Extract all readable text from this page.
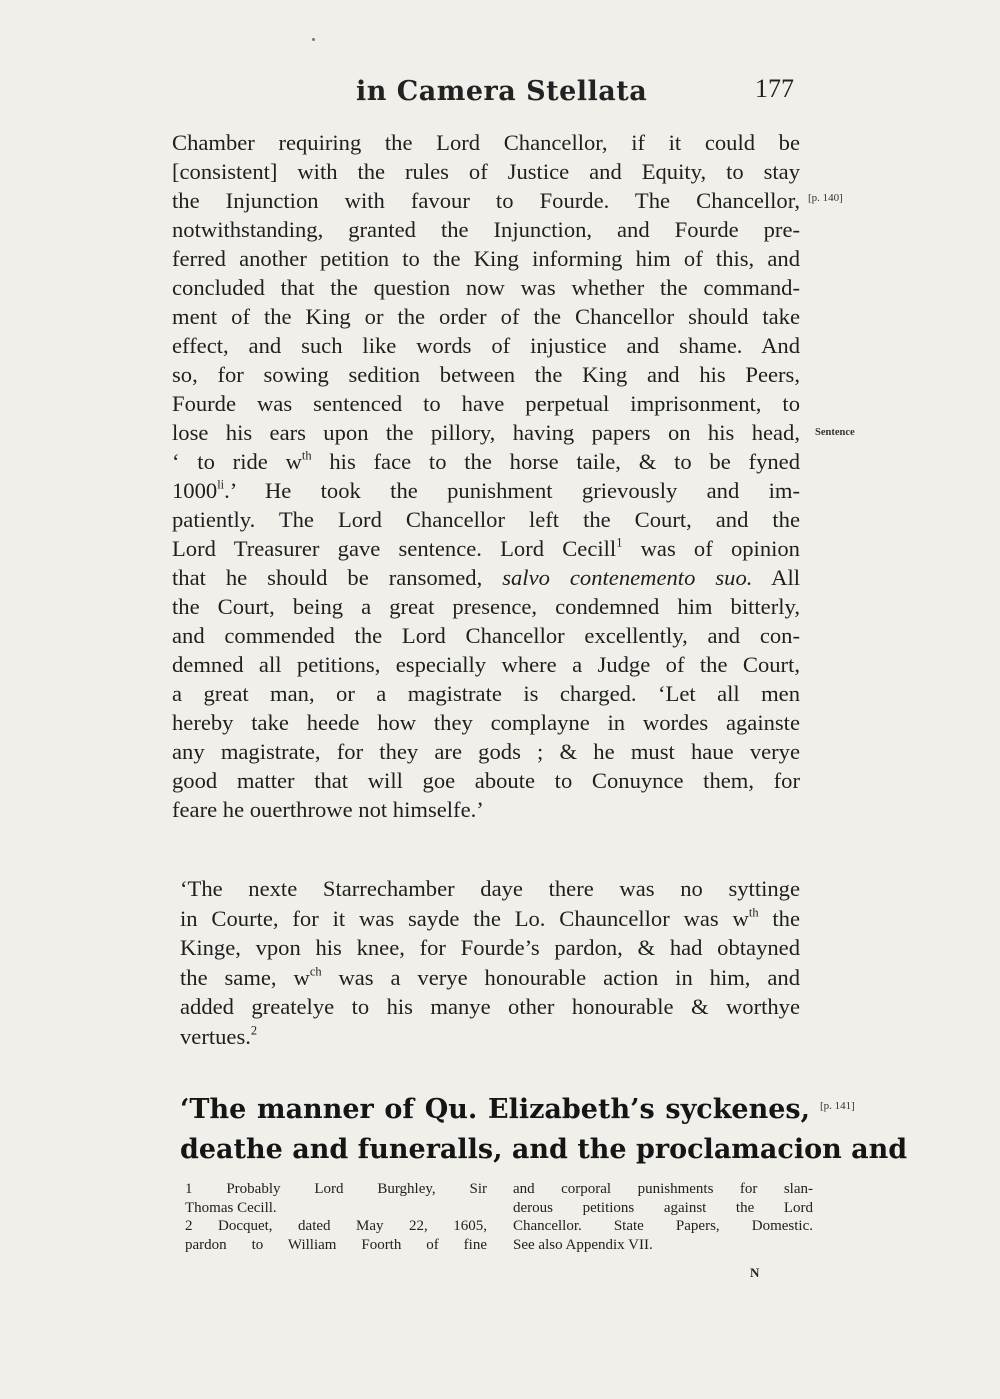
in Camera Stellata	177
Chamber requiring the Lord Chancellor, if it could be
[consistent] with the rules of Justice and Equity, to stay
the Injunction with favour to Fourde. The Chancellor,
notwithstanding, granted the Injunction, and Fourde pre-
ferred another petition to the King informing him of this, and
concluded that the question now was whether the command-
ment of the King or the order of the Chancellor should take
effect, and such like words of injustice and shame. And
so, for sowing sedition between the King and his Peers,
Fourde was sentenced to have perpetual imprisonment, to
lose his ears upon the pillory, having papers on his head,
‘ to ride $w^{th}$ his face to the horse taile, & to be fyned
$1000^{li}$.’ He took the punishment grievously and im-
patiently. The Lord Chancellor left the Court, and the
Lord Treasurer gave sentence. Lord Cecill$^1$ was of opinion
that he should be ransomed, salvo contenemento suo. All
the Court, being a great presence, condemned him bitterly,
and commended the Lord Chancellor excellently, and con-
demned all petitions, especially where a Judge of the Court,
a great man, or a magistrate is charged. ‘Let all men
hereby take heede how they complayne in wordes againste
any magistrate, for they are gods ; & he must haue verye
good matter that will goe aboute to Conuynce them, for
feare he ouerthrowe not himselfe.’
‘The nexte Starrechamber daye there was no syttinge
in Courte, for it was sayde the Lo. Chauncellor was $w^{th}$ the
Kinge, vpon his knee, for Fourde’s pardon, & had obtayned
the same, $w^{ch}$ was a verye honourable action in him, and
added greatelye to his manye other honourable & worthye
vertues.$^2$
[p. 140]
Sentence
[p. 141]
‘The manner of Qu. Elizabeth’s syckenes,
deathe and funeralls, and the proclamacion and
1 Probably Lord Burghley, Sir
Thomas Cecill.
2 Docquet, dated May 22, 1605,
pardon to William Foorth of fine
and corporal punishments for slan-
derous petitions against the Lord
Chancellor. State Papers, Domestic.
See also Appendix VII.
N
